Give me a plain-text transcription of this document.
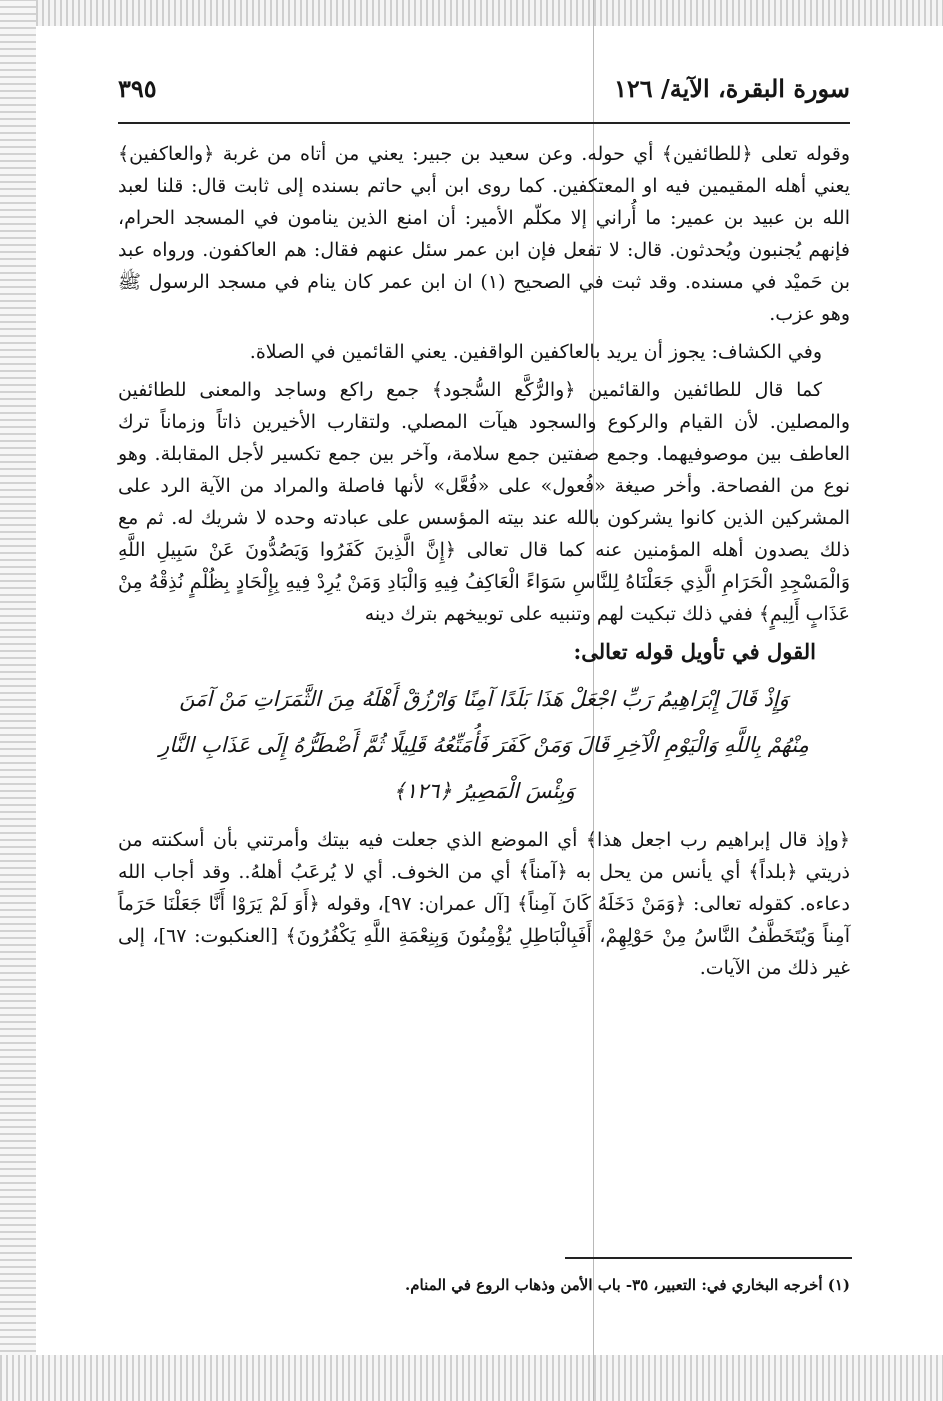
سورة البقرة، الآية/ ١٢٦
٣٩٥

وقوله تعلى ﴿للطائفين﴾ أي حوله. وعن سعيد بن جبير: يعني من أتاه من غربة ﴿والعاكفين﴾ يعني أهله المقيمين فيه او المعتكفين. كما روى ابن أبي حاتم بسنده إلى ثابت قال: قلنا لعبد الله بن عبيد بن عمير: ما أُراني إلا مكلّم الأمير: أن امنع الذين ينامون في المسجد الحرام، فإنهم يُجنبون ويُحدثون. قال: لا تفعل فإن ابن عمر سئل عنهم فقال: هم العاكفون. ورواه عبد بن حَميْد في مسنده. وقد ثبت في الصحيح (١) ان ابن عمر كان ينام في مسجد الرسول ﷺ وهو عزب.

وفي الكشاف: يجوز أن يريد بالعاكفين الواقفين. يعني القائمين في الصلاة.

كما قال للطائفين والقائمين ﴿والرُّكَّع السُّجود﴾ جمع راكع وساجد والمعنى للطائفين والمصلين. لأن القيام والركوع والسجود هيآت المصلي. ولتقارب الأخيرين ذاتاً وزماناً ترك العاطف بين موصوفيهما. وجمع صفتين جمع سلامة، وآخر بين جمع تكسير لأجل المقابلة. وهو نوع من الفصاحة. وأخر صيغة «فُعول» على «فُعَّل» لأنها فاصلة والمراد من الآية الرد على المشركين الذين كانوا يشركون بالله عند بيته المؤسس على عبادته وحده لا شريك له. ثم مع ذلك يصدون أهله المؤمنين عنه كما قال تعالى ﴿إِنَّ الَّذِينَ كَفَرُوا وَيَصُدُّونَ عَنْ سَبِيلِ اللَّهِ وَالْمَسْجِدِ الْحَرَامِ الَّذِي جَعَلْنَاهُ لِلنَّاسِ سَوَاءً الْعَاكِفُ فِيهِ وَالْبَادِ وَمَنْ يُرِدْ فِيهِ بِإِلْحَادٍ بِظُلْمٍ نُذِقْهُ مِنْ عَذَابٍ أَلِيمٍ﴾ ففي ذلك تبكيت لهم وتنبيه على توبيخهم بترك دينه

القول في تأويل قوله تعالى:

وَإِذْ قَالَ إِبْرَاهِيمُ رَبِّ اجْعَلْ هَذَا بَلَدًا آمِنًا وَارْزُقْ أَهْلَهُ مِنَ الثَّمَرَاتِ مَنْ آمَنَ مِنْهُمْ بِاللَّهِ وَالْيَوْمِ الْآخِرِ قَالَ وَمَنْ كَفَرَ فَأُمَتِّعُهُ قَلِيلًا ثُمَّ أَضْطَرُّهُ إِلَى عَذَابِ النَّارِ وَبِئْسَ الْمَصِيرُ ﴿١٢٦﴾

﴿وإذ قال إبراهيم رب اجعل هذا﴾ أي الموضع الذي جعلت فيه بيتك وأمرتني بأن أسكنته من ذريتي ﴿بلداً﴾ أي يأنس من يحل به ﴿آمناً﴾ أي من الخوف. أي لا يُرعَبُ أهلهُ.. وقد أجاب الله دعاءه. كقوله تعالى: ﴿وَمَنْ دَخَلَهُ كَانَ آمِناً﴾ [آل عمران: ٩٧]، وقوله ﴿أَوَ لَمْ يَرَوْا أَنَّا جَعَلْنَا حَرَماً آمِناً وَيُتَخَطَّفُ النَّاسُ مِنْ حَوْلِهِمْ، أَفَبِالْبَاطِلِ يُؤْمِنُونَ وَبِنِعْمَةِ اللَّهِ يَكْفُرُونَ﴾ [العنكبوت: ٦٧]، إلى غير ذلك من الآيات.

(١) أخرجه البخاري في: التعبير، ٣٥- باب الأمن وذهاب الروع في المنام.
